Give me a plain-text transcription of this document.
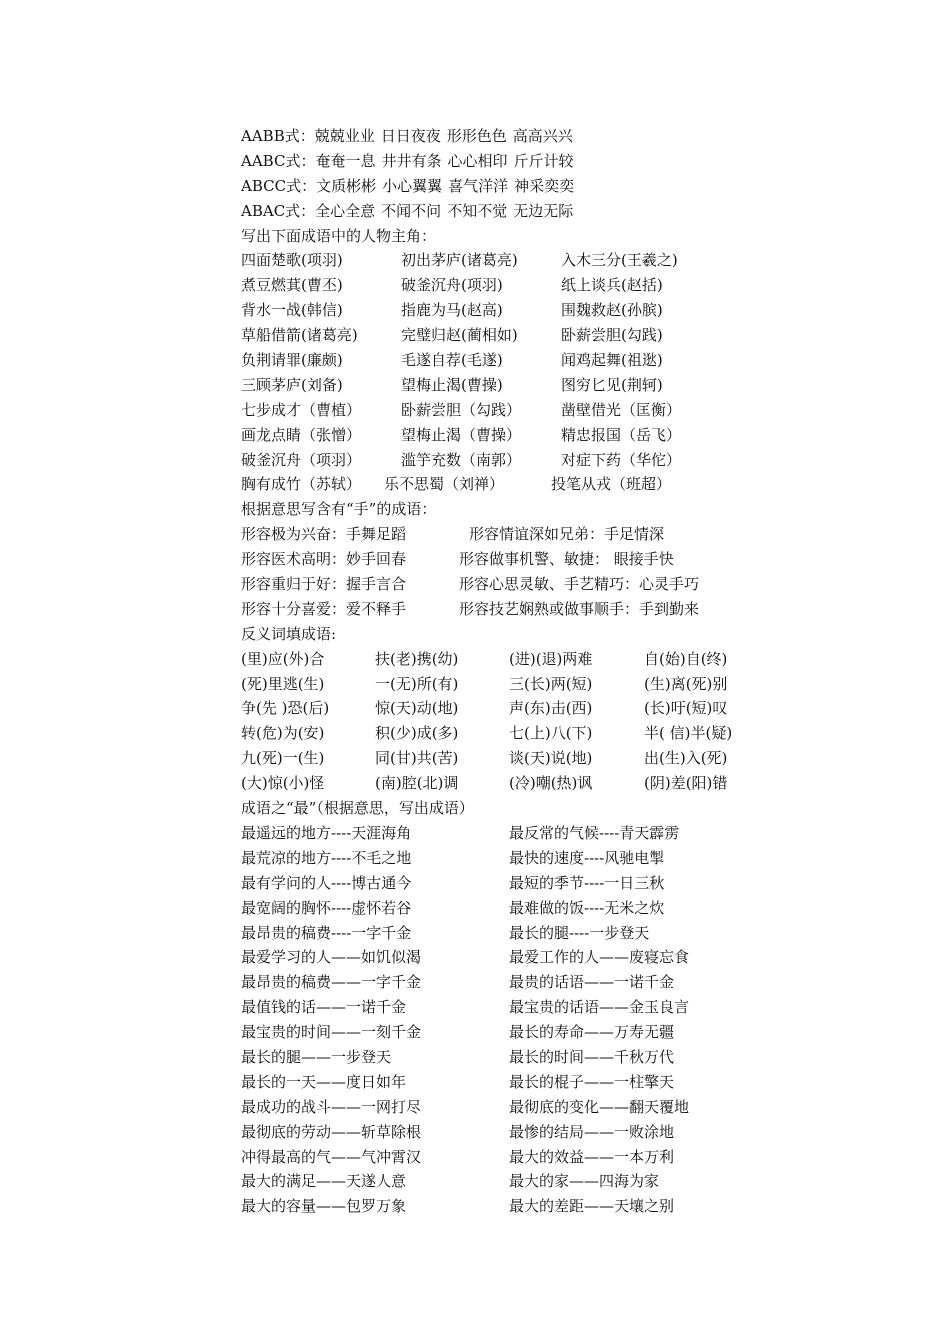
AABB式：兢兢业业 日日夜夜 形形色色 高高兴兴
AABC式：奄奄一息 井井有条 心心相印 斤斤计较
ABCC式：文质彬彬 小心翼翼 喜气洋洋 神采奕奕
ABAC式：全心全意 不闻不问 不知不觉 无边无际
写出下面成语中的人物主角：
四面楚歌(项羽)	初出茅庐(诸葛亮)	入木三分(王羲之)
煮豆燃萁(曹丕)	破釜沉舟(项羽)	纸上谈兵(赵括)
背水一战(韩信)	指鹿为马(赵高)	围魏救赵(孙膑)
草船借箭(诸葛亮)	完璧归赵(蔺相如)	卧薪尝胆(勾践)
负荆请罪(廉颇)	毛遂自荐(毛遂)	闻鸡起舞(祖逖)
三顾茅庐(刘备)	望梅止渴(曹操)	图穷匕见(荆轲)
七步成才（曹植）	卧薪尝胆（勾践）	凿壁借光（匡衡）
画龙点睛（张憎）	望梅止渴（曹操）	精忠报国（岳飞）
破釜沉舟（项羽）	滥竽充数（南郭）	对症下药（华佗）
胸有成竹（苏轼）	乐不思蜀（刘禅）	投笔从戎（班超）
根据意思写含有“手”的成语：
形容极为兴奋：手舞足蹈	形容情谊深如兄弟：手足情深
形容医术高明：妙手回春	形容做事机警、敏捷： 眼接手快
形容重归于好：握手言合	形容心思灵敏、手艺精巧：心灵手巧
形容十分喜爱：爱不释手	形容技艺娴熟或做事顺手：手到勤来
反义词填成语:
(里)应(外)合	扶(老)携(幼)	(进)(退)两难	自(始)自(终)
(死)里逃(生)	一(无)所(有)	三(长)两(短)	(生)离(死)别
争(先 )恐(后)	惊(天)动(地)	声(东)击(西)	(长)吁(短)叹
转(危)为(安)	积(少)成(多)	七(上)八(下)	半( 信)半(疑)
九(死)一(生)	同(甘)共(苦)	谈(天)说(地)	出(生)入(死)
(大)惊(小)怪	(南)腔(北)调	(冷)嘲(热)讽	(阴)差(阳)错
成语之“最”（根据意思，写出成语）
最遥远的地方----天涯海角	最反常的气候----青天霹雳
最荒凉的地方----不毛之地	最快的速度----风驰电掣
最有学问的人----博古通今	最短的季节----一日三秋
最宽阔的胸怀----虚怀若谷	最难做的饭----无米之炊
最昂贵的稿费----一字千金	最长的腿----一步登天
最爱学习的人——如饥似渴	最爱工作的人——废寝忘食
最昂贵的稿费——一字千金	最贵的话语——一诺千金
最值钱的话——一诺千金	最宝贵的话语——金玉良言
最宝贵的时间——一刻千金	最长的寿命——万寿无疆
最长的腿——一步登天	最长的时间——千秋万代
最长的一天——度日如年	最长的棍子——一柱擎天
最成功的战斗——一网打尽	最彻底的变化——翻天覆地
最彻底的劳动——斩草除根	最惨的结局——一败涂地
冲得最高的气——气冲霄汉	最大的效益——一本万利
最大的满足——天遂人意	最大的家——四海为家
最大的容量——包罗万象	最大的差距——天壤之别
